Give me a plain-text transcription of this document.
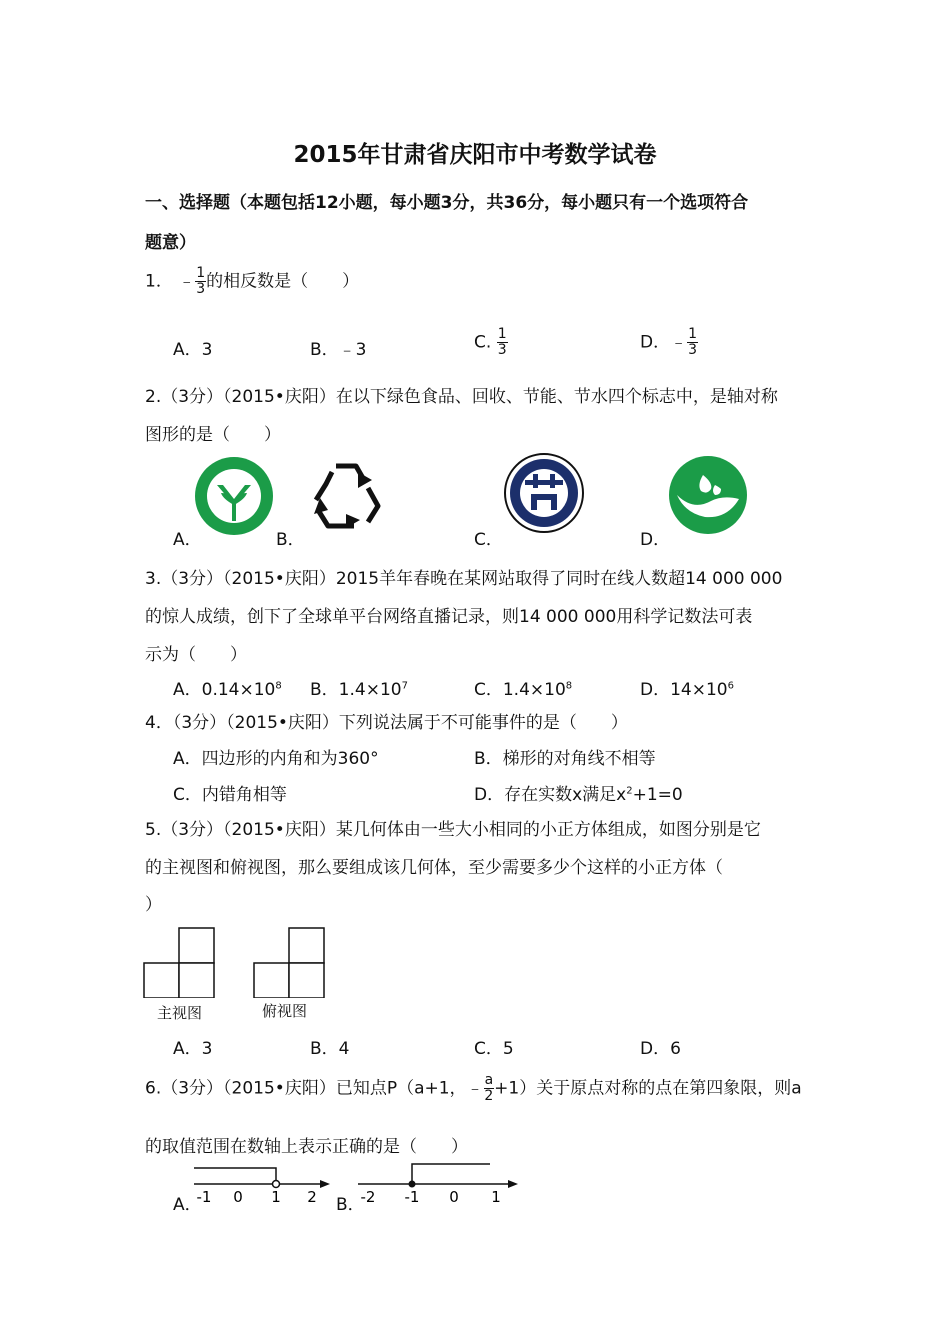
2015年甘肃省庆阳市中考数学试卷
一、选择题（本题包括12小题，每小题3分，共36分，每小题只有一个选项符合
题意）
1． ﹣ $\frac{1}{3}$ 的相反数是（　　）
A．3	B．﹣3	C. $\frac{1}{3}$	D．﹣ $\frac{1}{3}$
2.（3分）（2015•庆阳）在以下绿色食品、回收、节能、节水四个标志中，是轴对称
图形的是（　　）
A．	B．	C．	D．
3.（3分）（2015•庆阳）2015羊年春晚在某网站取得了同时在线人数超14 000 000
的惊人成绩，创下了全球单平台网络直播记录，则14 000 000用科学记数法可表
示为（　　）
A．$0.14\times 10^8$ B．$1.4\times 10^7$	C．$1.4\times 10^8$	D．$14\times 10^6$
4．（3分）（2015•庆阳）下列说法属于不可能事件的是（　　）
A．四边形的内角和为360°	B．梯形的对角线不相等
C．内错角相等	D．存在实数x满足$x^2+1=0$
5.（3分）（2015•庆阳）某几何体由一些大小相同的小正方体组成，如图分别是它
的主视图和俯视图，那么要组成该几何体，至少需要多少个这样的小正方体（
）
主视图	俯视图
A．3	B．4	C．5	D．6
6.（3分）（2015•庆阳）已知点P（a+1，﹣ $\frac{a}{2} +1$）关于原点对称的点在第四象限，则a
的取值范围在数轴上表示正确的是（　　）
A．
-1 0 1 2 B．
-2 -1 0 1
